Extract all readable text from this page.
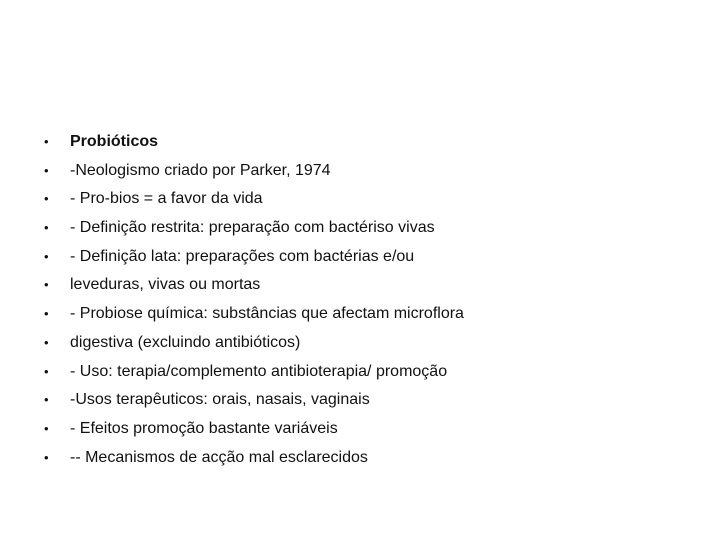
•	Probióticos
•	-Neologismo criado por Parker, 1974
•	- Pro-bios = a favor da vida
•	- Definição restrita: preparação com bactériso vivas
•	- Definição lata: preparações com bactérias e/ou
•	leveduras, vivas ou mortas
•	- Probiose química: substâncias que afectam microflora
•	digestiva (excluindo antibióticos)
•	- Uso: terapia/complemento antibioterapia/ promoção
•	-Usos terapêuticos: orais, nasais, vaginais
•	- Efeitos promoção bastante variáveis
•	-- Mecanismos de acção mal esclarecidos
